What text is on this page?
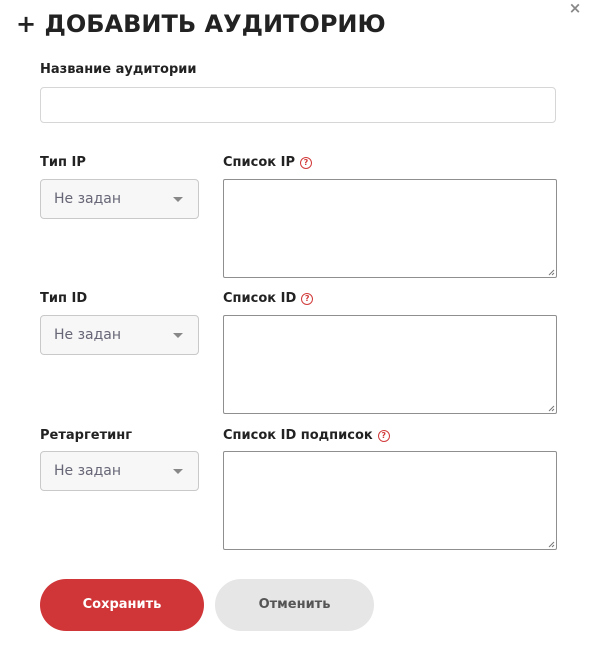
+ ДОБАВИТЬ АУДИТОРИЮ
×
Название аудитории
Тип IP	Список IP ?
Не задан
Тип ID	Список ID ?
Не задан
Ретаргетинг	Список ID подписок ?
Не задан
Сохранить	Отменить
